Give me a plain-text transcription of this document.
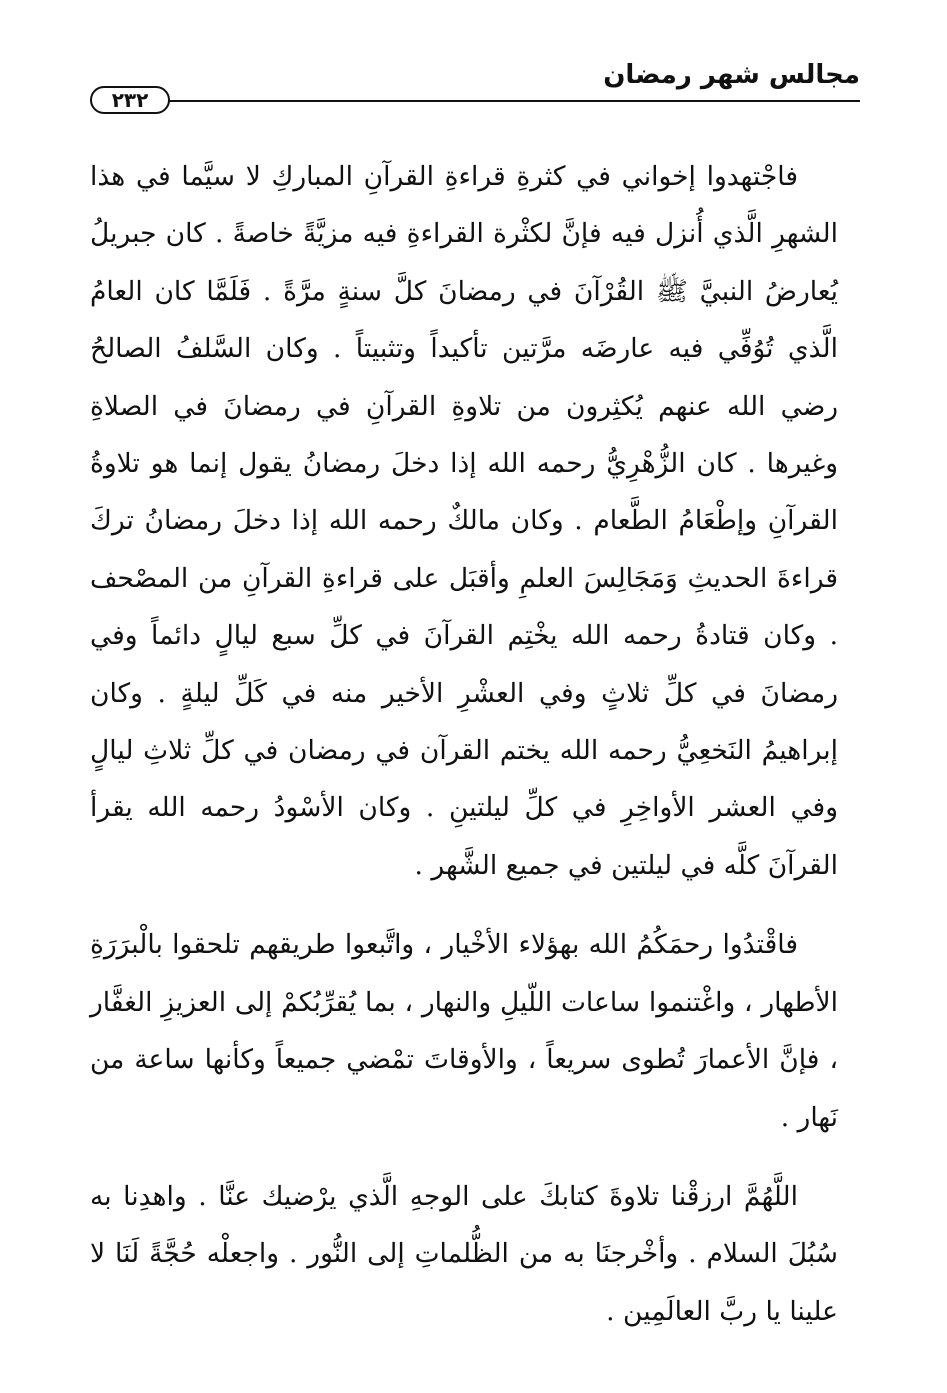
مجالس شهر رمضان
٢٣٢

فاجْتهدوا إخواني في كثرةِ قراءةِ القرآنِ المباركِ لا سيَّما في هذا الشهرِ الَّذي أُنزل فيه فإنَّ لكثْرة القراءةِ فيه مزيَّةً خاصةً . كان جبريلُ يُعارضُ النبيَّ ﷺ القُرْآنَ في رمضانَ كلَّ سنةٍ مرَّةً . فَلَمَّا كان العامُ الَّذي تُوُفِّي فيه عارضَه مرَّتين تأكيداً وتثبيتاً . وكان السَّلفُ الصالحُ رضي الله عنهم يُكثِرون من تلاوةِ القرآنِ في رمضانَ في الصلاةِ وغيرها . كان الزُّهْرِيُّ رحمه الله إذا دخلَ رمضانُ يقول إنما هو تلاوةُ القرآنِ وإطْعَامُ الطَّعام . وكان مالكٌ رحمه الله إذا دخلَ رمضانُ تركَ قراءةَ الحديثِ وَمَجَالِسَ العلمِ وأقبَل على قراءةِ القرآنِ من المصْحف . وكان قتادةُ رحمه الله يخْتِم القرآنَ في كلِّ سبع ليالٍ دائماً وفي رمضانَ في كلِّ ثلاثٍ وفي العشْرِ الأخير منه في كَلِّ ليلةٍ . وكان إبراهيمُ النَخعِيُّ رحمه الله يختم القرآن في رمضان في كلِّ ثلاثِ ليالٍ وفي العشر الأواخِرِ في كلِّ ليلتينِ . وكان الأسْودُ رحمه الله يقرأ القرآنَ كلَّه في ليلتين في جميع الشَّهر .

فاقْتدُوا رحمَكُمُ الله بهؤلاء الأخْيار ، واتَّبعوا طريقهم تلحقوا بالْبرَرَةِ الأطهار ، واغْتنموا ساعات اللّيلِ والنهار ، بما يُقرِّبُكمْ إلى العزيزِ الغفَّار ، فإنَّ الأعمارَ تُطوى سريعاً ، والأوقاتَ تمْضي جميعاً وكأنها ساعة من نَهار .

اللَّهُمَّ ارزقْنا تلاوةَ كتابكَ على الوجهِ الَّذي يرْضيك عنَّا . واهدِنا به سُبُلَ السلام . وأخْرجنَا به من الظُّلماتِ إلى النُّور . واجعلْه حُجَّةً لَنَا لا علينا يا ربَّ العالَمِين .
